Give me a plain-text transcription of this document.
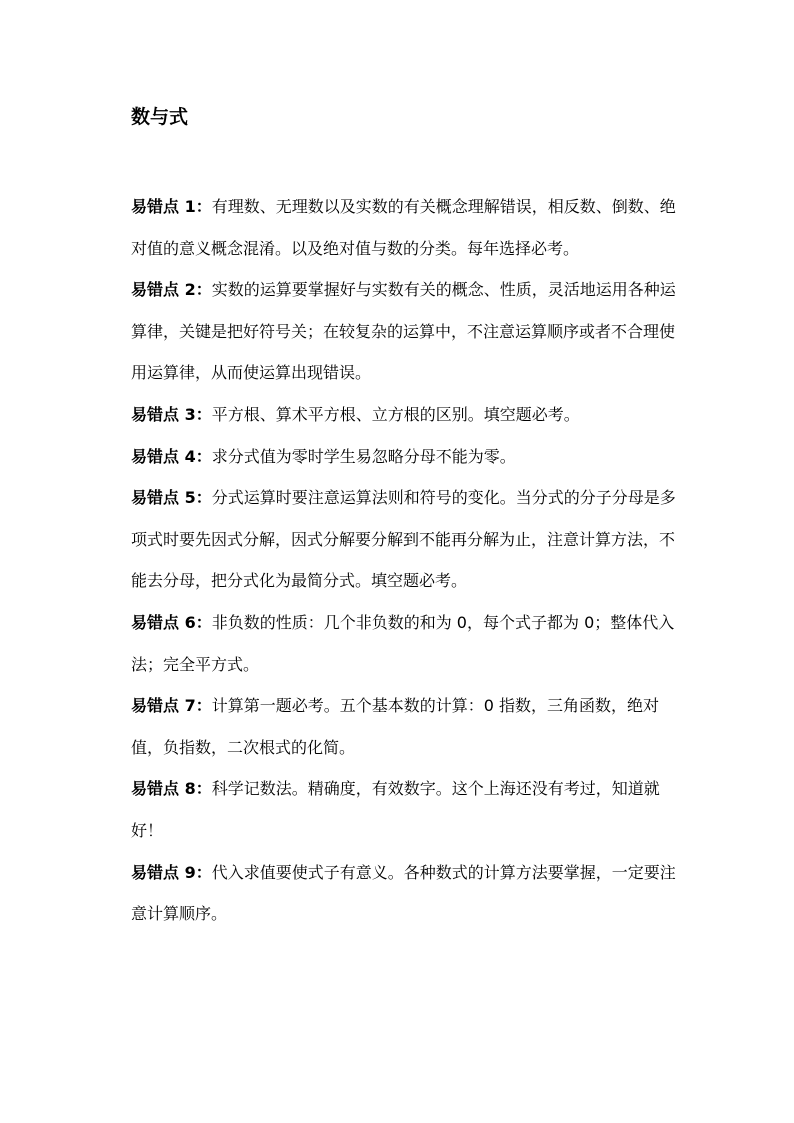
数与式

易错点 1：有理数、无理数以及实数的有关概念理解错误，相反数、倒数、绝对值的意义概念混淆。以及绝对值与数的分类。每年选择必考。

易错点 2：实数的运算要掌握好与实数有关的概念、性质，灵活地运用各种运算律，关键是把好符号关；在较复杂的运算中，不注意运算顺序或者不合理使用运算律，从而使运算出现错误。

易错点 3：平方根、算术平方根、立方根的区别。填空题必考。

易错点 4：求分式值为零时学生易忽略分母不能为零。

易错点 5：分式运算时要注意运算法则和符号的变化。当分式的分子分母是多项式时要先因式分解，因式分解要分解到不能再分解为止，注意计算方法，不能去分母，把分式化为最简分式。填空题必考。

易错点 6：非负数的性质：几个非负数的和为 0，每个式子都为 0；整体代入法；完全平方式。

易错点 7：计算第一题必考。五个基本数的计算：0 指数，三角函数，绝对值，负指数，二次根式的化简。

易错点 8：科学记数法。精确度，有效数字。这个上海还没有考过，知道就好！

易错点 9：代入求值要使式子有意义。各种数式的计算方法要掌握，一定要注意计算顺序。
